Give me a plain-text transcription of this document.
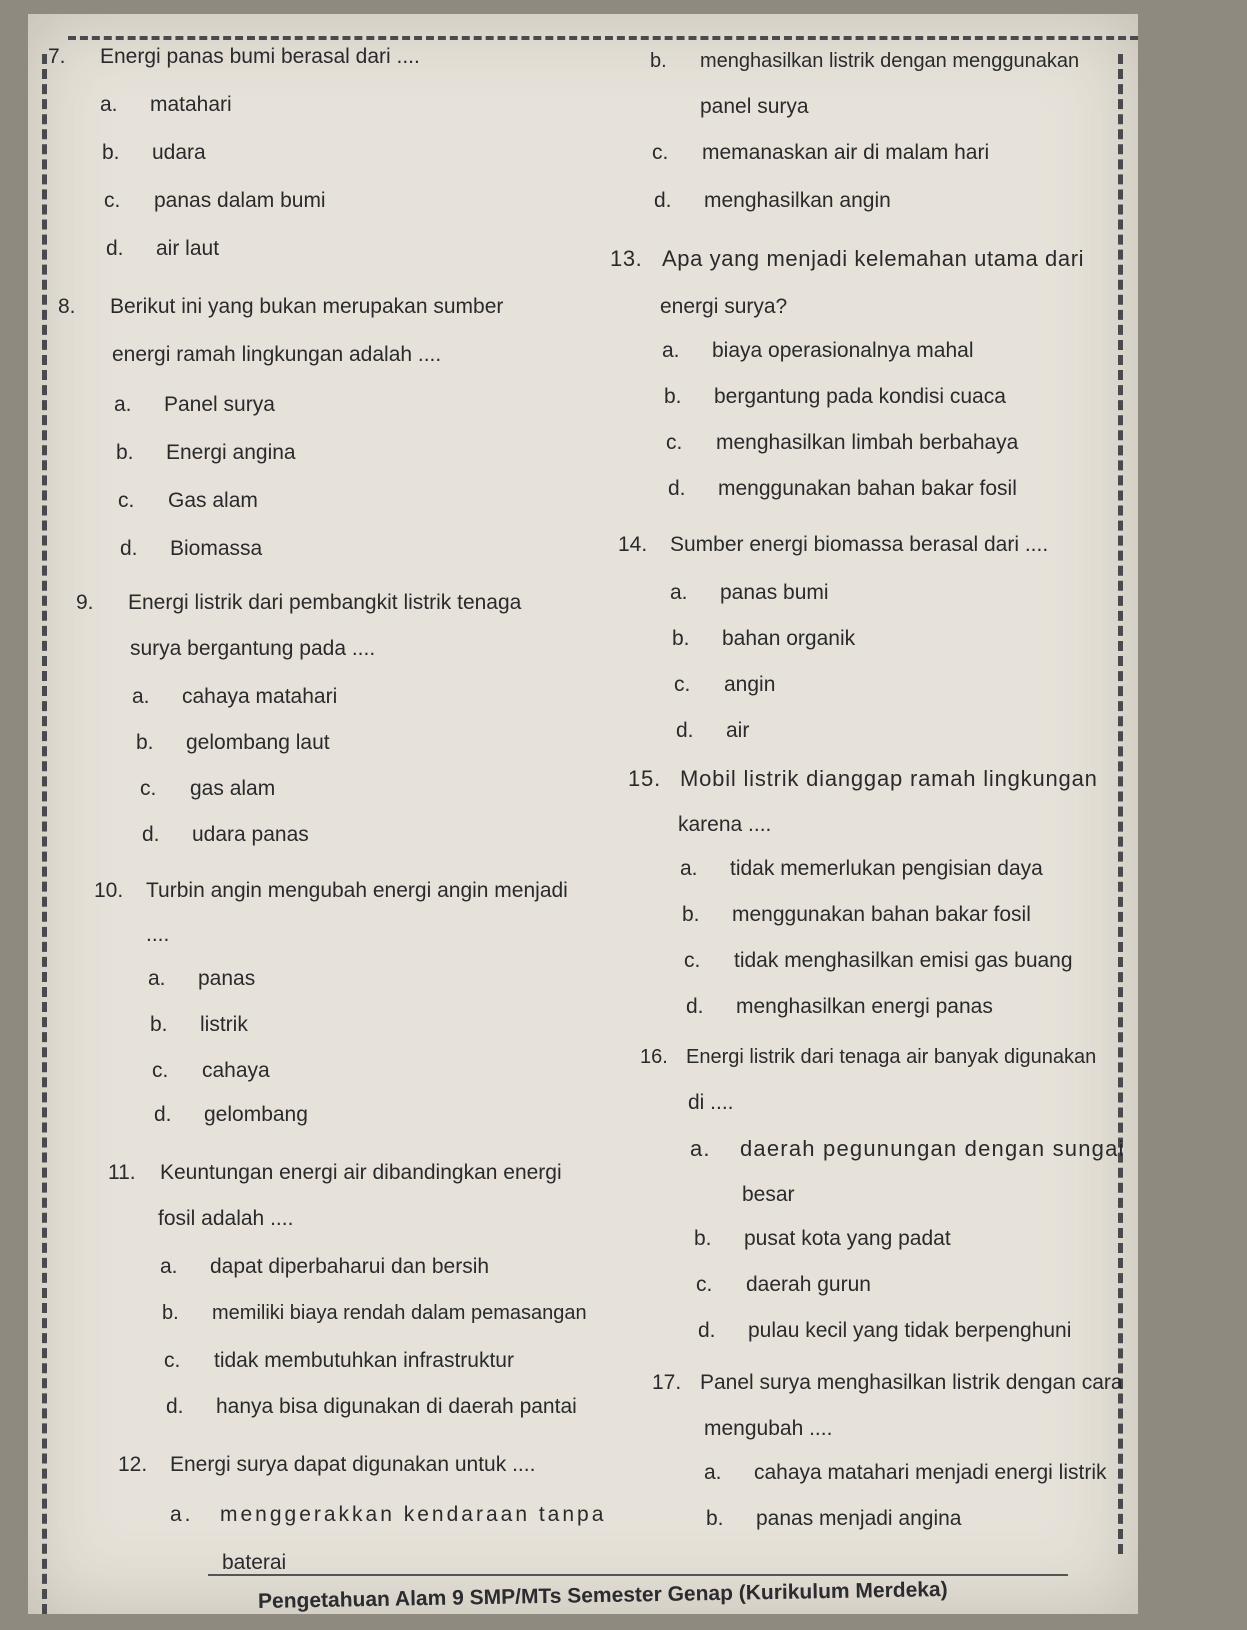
7. Energi panas bumi berasal dari ....
a. matahari
b. udara
c. panas dalam bumi
d. air laut
8. Berikut ini yang bukan merupakan sumber
energi ramah lingkungan adalah ....
a. Panel surya
b. Energi angina
c. Gas alam
d. Biomassa
9. Energi listrik dari pembangkit listrik tenaga
surya bergantung pada ....
a. cahaya matahari
b. gelombang laut
c. gas alam
d. udara panas
10. Turbin angin mengubah energi angin menjadi
....
a. panas
b. listrik
c. cahaya
d. gelombang
11. Keuntungan energi air dibandingkan energi
fosil adalah ....
a. dapat diperbaharui dan bersih
b. memiliki biaya rendah dalam pemasangan
c. tidak membutuhkan infrastruktur
d. hanya bisa digunakan di daerah pantai
12. Energi surya dapat digunakan untuk ....
a. menggerakkan kendaraan tanpa
baterai
b. menghasilkan listrik dengan menggunakan
panel surya
c. memanaskan air di malam hari
d. menghasilkan angin
13. Apa yang menjadi kelemahan utama dari
energi surya?
a. biaya operasionalnya mahal
b. bergantung pada kondisi cuaca
c. menghasilkan limbah berbahaya
d. menggunakan bahan bakar fosil
14. Sumber energi biomassa berasal dari ....
a. panas bumi
b. bahan organik
c. angin
d. air
15. Mobil listrik dianggap ramah lingkungan
karena ....
a. tidak memerlukan pengisian daya
b. menggunakan bahan bakar fosil
c. tidak menghasilkan emisi gas buang
d. menghasilkan energi panas
16. Energi listrik dari tenaga air banyak digunakan
di ....
a. daerah pegunungan dengan sungai
besar
b. pusat kota yang padat
c. daerah gurun
d. pulau kecil yang tidak berpenghuni
17. Panel surya menghasilkan listrik dengan cara
mengubah ....
a. cahaya matahari menjadi energi listrik
b. panas menjadi angina
Pengetahuan Alam 9 SMP/MTs Semester Genap (Kurikulum Merdeka)
